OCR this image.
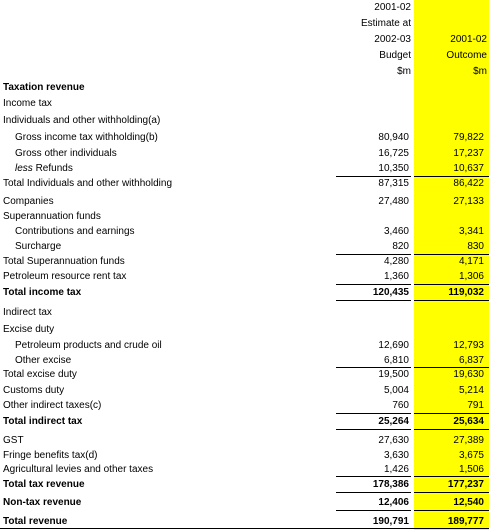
2001-02
Estimate at
2002-03
Budget
$m
2001-02
Outcome
$m
Taxation revenue
Income tax
Individuals and other withholding(a)
Gross income tax withholding(b)	80,940	79,822
Gross other individuals	16,725	17,237
less Refunds	10,350	10,637
Total Individuals and other withholding	87,315	86,422
Companies	27,480	27,133
Superannuation funds
Contributions and earnings	3,460	3,341
Surcharge	820	830
Total Superannuation funds	4,280	4,171
Petroleum resource rent tax	1,360	1,306
Total income tax	120,435	119,032
Indirect tax
Excise duty
Petroleum products and crude oil	12,690	12,793
Other excise	6,810	6,837
Total excise duty	19,500	19,630
Customs duty	5,004	5,214
Other indirect taxes(c)	760	791
Total indirect tax	25,264	25,634
GST	27,630	27,389
Fringe benefits tax(d)	3,630	3,675
Agricultural levies and other taxes	1,426	1,506
Total tax revenue	178,386	177,237
Non-tax revenue	12,406	12,540
Total revenue	190,791	189,777
